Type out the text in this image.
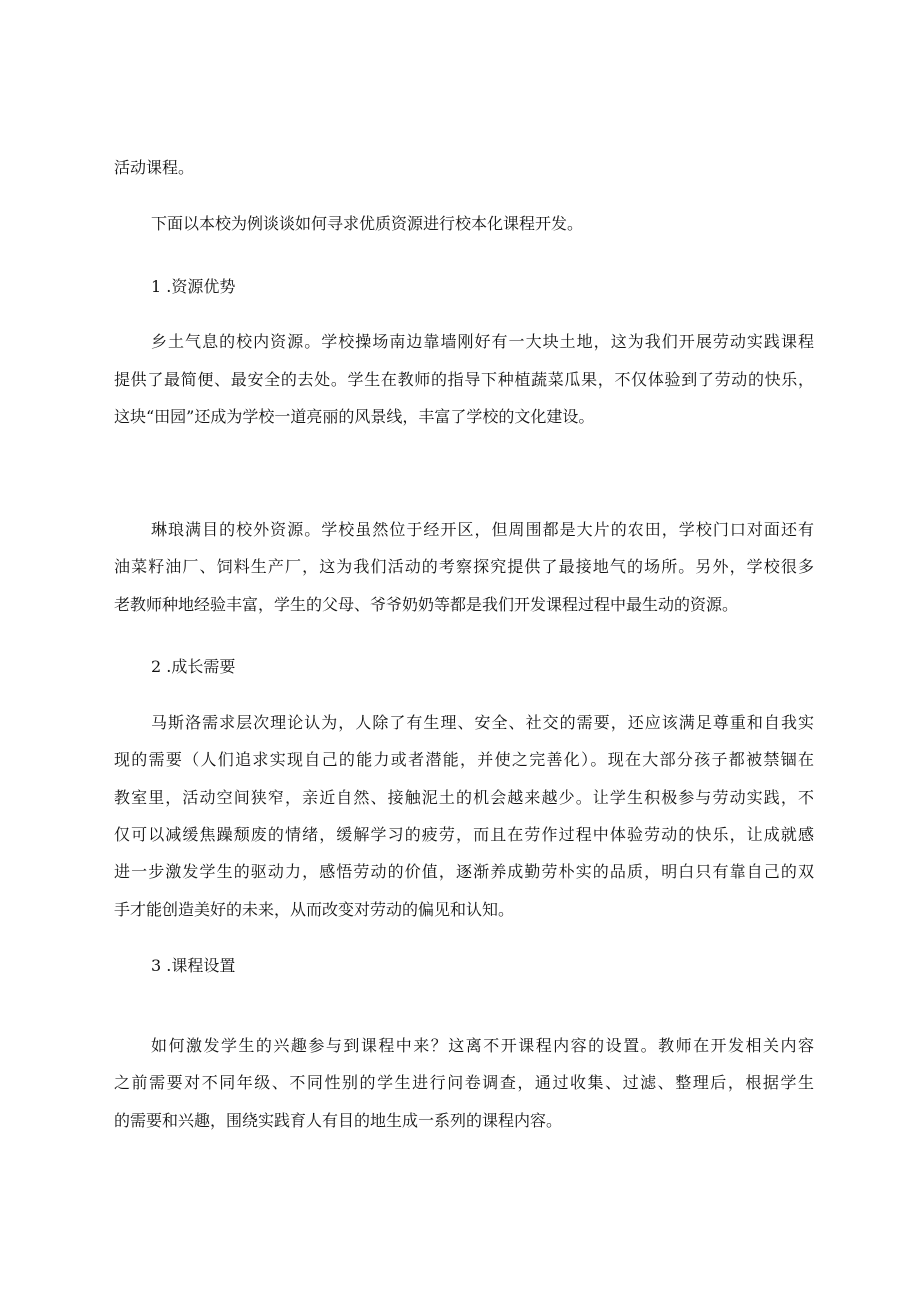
活动课程。
下面以本校为例谈谈如何寻求优质资源进行校本化课程开发。
1 .资源优势
乡土气息的校内资源。学校操场南边靠墙刚好有一大块土地，这为我们开展劳动实践课程
提供了最简便、最安全的去处。学生在教师的指导下种植蔬菜瓜果，不仅体验到了劳动的快乐，
这块“田园”还成为学校一道亮丽的风景线，丰富了学校的文化建设。
琳琅满目的校外资源。学校虽然位于经开区，但周围都是大片的农田，学校门口对面还有
油菜籽油厂、饲料生产厂，这为我们活动的考察探究提供了最接地气的场所。另外，学校很多
老教师种地经验丰富，学生的父母、爷爷奶奶等都是我们开发课程过程中最生动的资源。
2 .成长需要
马斯洛需求层次理论认为，人除了有生理、安全、社交的需要，还应该满足尊重和自我实
现的需要（人们追求实现自己的能力或者潜能，并使之完善化）。现在大部分孩子都被禁锢在
教室里，活动空间狭窄，亲近自然、接触泥土的机会越来越少。让学生积极参与劳动实践，不
仅可以减缓焦躁颓废的情绪，缓解学习的疲劳，而且在劳作过程中体验劳动的快乐，让成就感
进一步激发学生的驱动力，感悟劳动的价值，逐渐养成勤劳朴实的品质，明白只有靠自己的双
手才能创造美好的未来，从而改变对劳动的偏见和认知。
3 .课程设置
如何激发学生的兴趣参与到课程中来？这离不开课程内容的设置。教师在开发相关内容
之前需要对不同年级、不同性别的学生进行问卷调查，通过收集、过滤、整理后，根据学生
的需要和兴趣，围绕实践育人有目的地生成一系列的课程内容。
